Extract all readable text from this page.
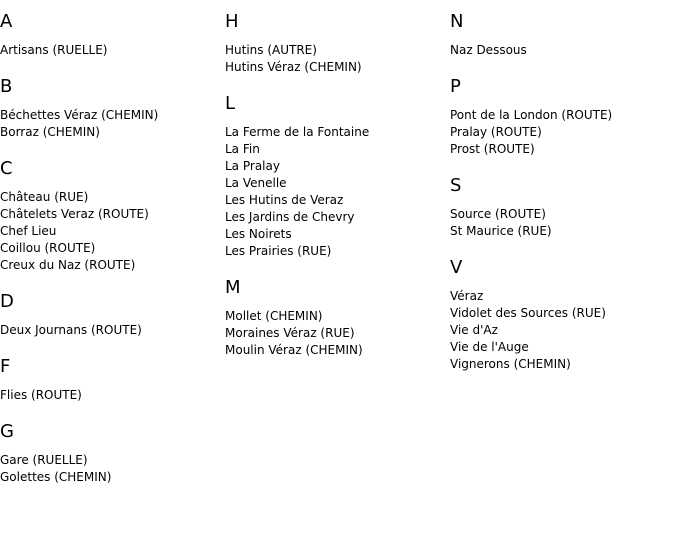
A
Artisans (RUELLE)
B
Béchettes Véraz (CHEMIN)
Borraz (CHEMIN)
C
Château (RUE)
Châtelets Veraz (ROUTE)
Chef Lieu
Coillou (ROUTE)
Creux du Naz (ROUTE)
D
Deux Journans (ROUTE)
F
Flies (ROUTE)
G
Gare (RUELLE)
Golettes (CHEMIN)
H
Hutins (AUTRE)
Hutins Véraz (CHEMIN)
L
La Ferme de la Fontaine
La Fin
La Pralay
La Venelle
Les Hutins de Veraz
Les Jardins de Chevry
Les Noirets
Les Prairies (RUE)
M
Mollet (CHEMIN)
Moraines Véraz (RUE)
Moulin Véraz (CHEMIN)
N
Naz Dessous
P
Pont de la London (ROUTE)
Pralay (ROUTE)
Prost (ROUTE)
S
Source (ROUTE)
St Maurice (RUE)
V
Véraz
Vidolet des Sources (RUE)
Vie d'Az
Vie de l'Auge
Vignerons (CHEMIN)
